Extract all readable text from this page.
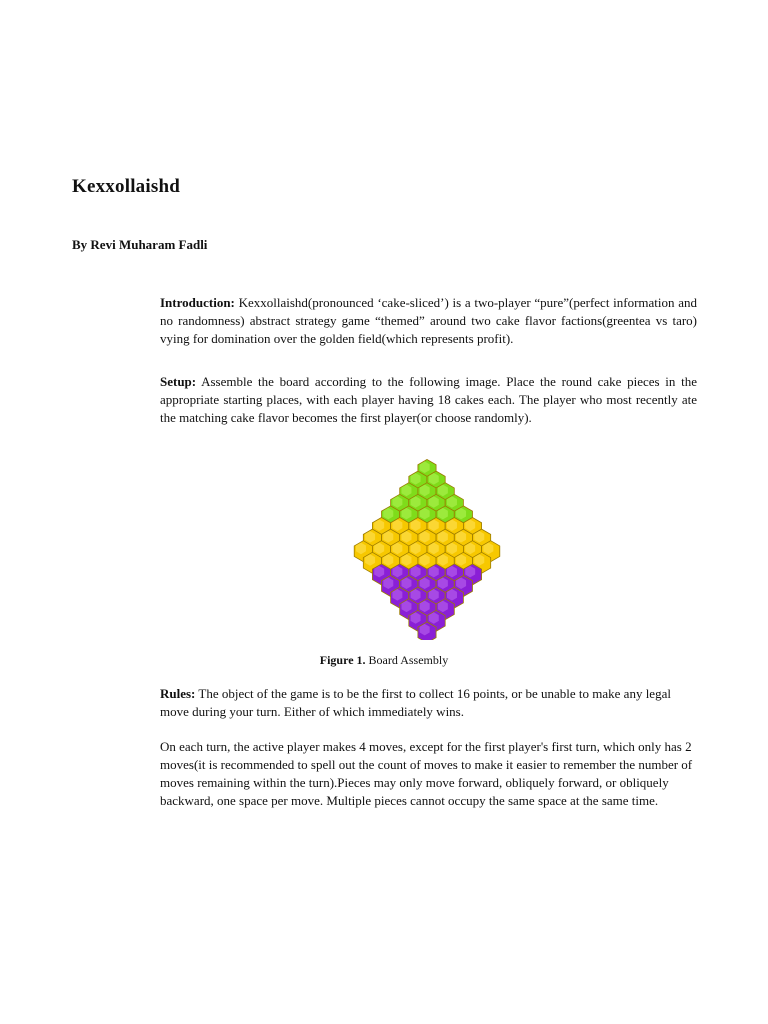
Kexxollaishd

By Revi Muharam Fadli

Introduction: Kexxollaishd(pronounced ‘cake-sliced’) is a two-player “pure”(perfect information and no randomness) abstract strategy game “themed” around two cake flavor factions(greentea vs taro) vying for domination over the golden field(which represents profit).

Setup: Assemble the board according to the following image. Place the round cake pieces in the appropriate starting places, with each player having 18 cakes each. The player who most recently ate the matching cake flavor becomes the first player(or choose randomly).

Figure 1. Board Assembly

Rules: The object of the game is to be the first to collect 16 points, or be unable to make any legal move during your turn. Either of which immediately wins.

On each turn, the active player makes 4 moves, except for the first player's first turn, which only has 2 moves(it is recommended to spell out the count of moves to make it easier to remember the number of moves remaining within the turn).Pieces may only move forward, obliquely forward, or obliquely backward, one space per move. Multiple pieces cannot occupy the same space at the same time.
